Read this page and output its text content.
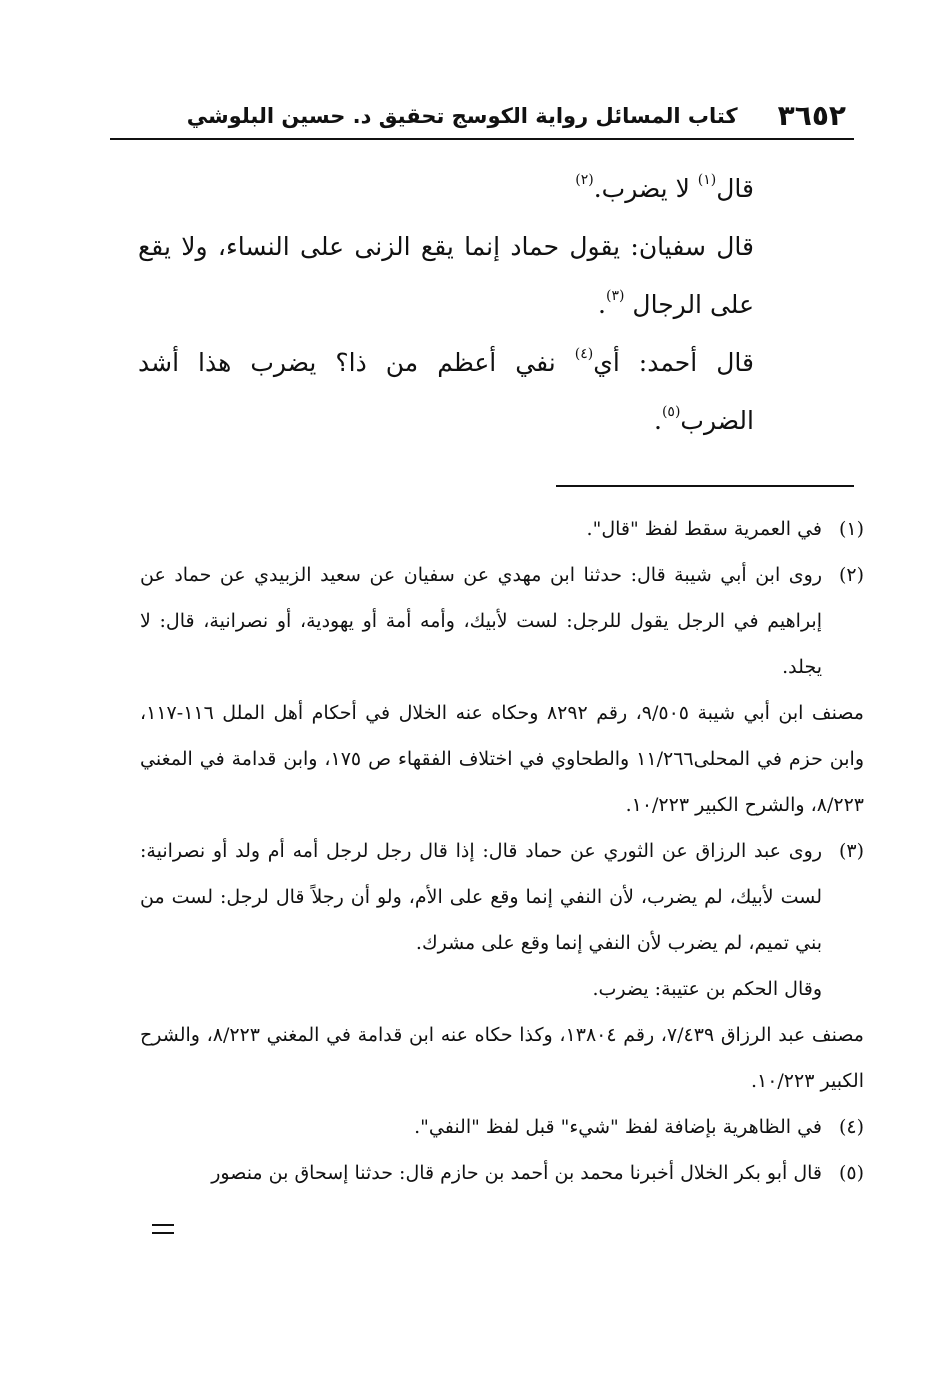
٣٦٥٢
كتاب المسائل رواية الكوسج تحقيق د. حسين البلوشي

قال$^{(١)}$ لا يضرب.$^{(٢)}$

قال سفيان: يقول حماد إنما يقع الزنى على النساء، ولا يقع على الرجال $^{(٣)}$.

قال أحمد: أي$^{(٤)}$ نفي أعظم من ذا؟ يضرب هذا أشد الضرب$^{(٥)}$.

(١)
في العمرية سقط لفظ "قال".
(٢)
روى ابن أبي شيبة قال: حدثنا ابن مهدي عن سفيان عن سعيد الزبيدي عن حماد عن إبراهيم في الرجل يقول للرجل: لست لأبيك، وأمه أمة أو يهودية، أو نصرانية، قال: لا يجلد.
مصنف ابن أبي شيبة ٩/٥٠٥، رقم ٨٢٩٢ وحكاه عنه الخلال في أحكام أهل الملل ١١٦-١١٧، وابن حزم في المحلى١١/٢٦٦ والطحاوي في اختلاف الفقهاء ص ١٧٥، وابن قدامة في المغني ٨/٢٢٣، والشرح الكبير ١٠/٢٢٣.
(٣)
روى عبد الرزاق عن الثوري عن حماد قال: إذا قال رجل لرجل أمه أم ولد أو نصرانية: لست لأبيك، لم يضرب، لأن النفي إنما وقع على الأم، ولو أن رجلاً قال لرجل: لست من بني تميم، لم يضرب لأن النفي إنما وقع على مشرك.
وقال الحكم بن عتيبة: يضرب.
مصنف عبد الرزاق ٧/٤٣٩، رقم ١٣٨٠٤، وكذا حكاه عنه ابن قدامة في المغني ٨/٢٢٣، والشرح الكبير ١٠/٢٢٣.
(٤)
في الظاهرية بإضافة لفظ "شيء" قبل لفظ "النفي".
(٥)
قال أبو بكر الخلال أخبرنا محمد بن أحمد بن حازم قال: حدثنا إسحاق بن منصور
